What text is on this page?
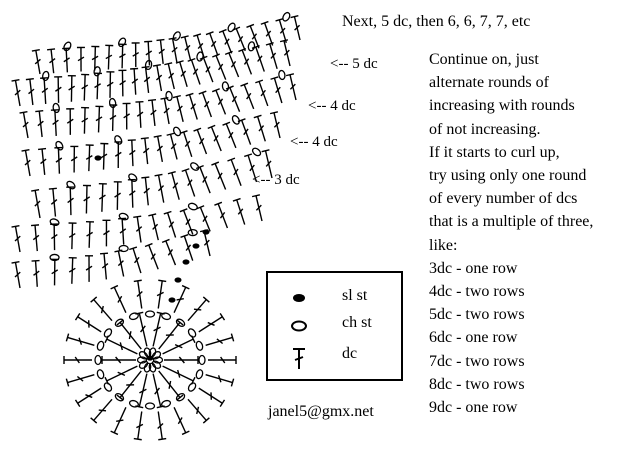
Next, 5 dc, then 6, 6, 7, 7, etc
<-- 5 dc
<-- 4 dc
<-- 4 dc
<-- 3 dc
Continue on, just
alternate rounds of
increasing with rounds
of not increasing.
If it starts to curl up,
try using only one round
of every number of dcs
that is a multiple of three,
like:
3dc - one row
4dc - two rows
5dc - two rows
6dc - one row
7dc - two rows
8dc - two rows
9dc - one row
sl st
ch st
dc
janel5@gmx.net
